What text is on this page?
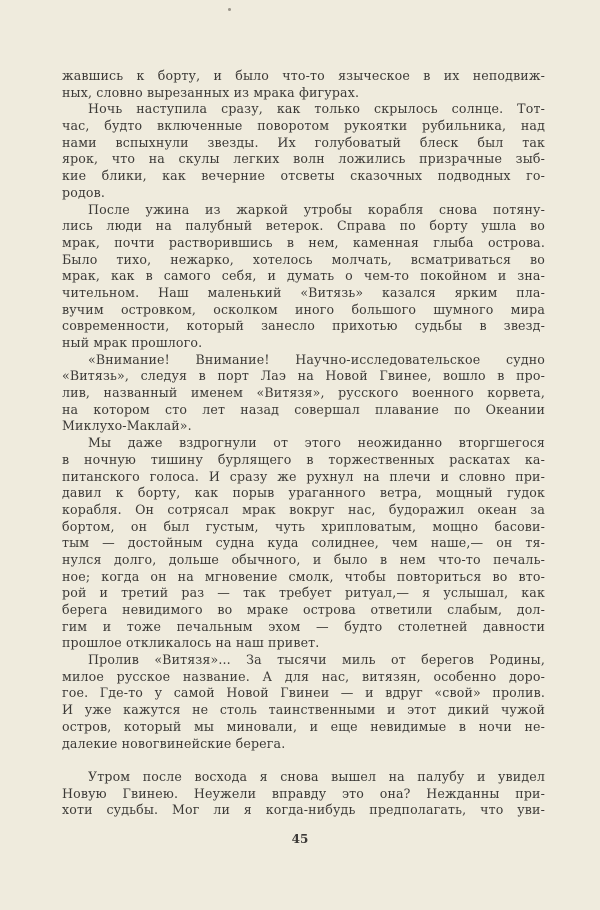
жавшись к борту, и было что-то языческое в их неподвиж-
ных, словно вырезанных из мрака фигурах.
Ночь наступила сразу, как только скрылось солнце. Тот-
час, будто включенные поворотом рукоятки рубильника, над
нами вспыхнули звезды. Их голубоватый блеск был так
ярок, что на скулы легких волн ложились призрачные зыб-
кие блики, как вечерние отсветы сказочных подводных го-
родов.
После ужина из жаркой утробы корабля снова потяну-
лись люди на палубный ветерок. Справа по борту ушла во
мрак, почти растворившись в нем, каменная глыба острова.
Было тихо, нежарко, хотелось молчать, всматриваться во
мрак, как в самого себя, и думать о чем-то покойном и зна-
чительном. Наш маленький «Витязь» казался ярким пла-
вучим островком, осколком иного большого шумного мира
современности, который занесло прихотью судьбы в звезд-
ный мрак прошлого.
«Внимание! Внимание! Научно-исследовательское судно
«Витязь», следуя в порт Лаэ на Новой Гвинее, вошло в про-
лив, названный именем «Витязя», русского военного корвета,
на котором сто лет назад совершал плавание по Океании
Миклухо-Маклай».
Мы даже вздрогнули от этого неожиданно вторгшегося
в ночную тишину бурлящего в торжественных раскатах ка-
питанского голоса. И сразу же рухнул на плечи и словно при-
давил к борту, как порыв ураганного ветра, мощный гудок
корабля. Он сотрясал мрак вокруг нас, будоражил океан за
бортом, он был густым, чуть хрипловатым, мощно басови-
тым — достойным судна куда солиднее, чем наше,— он тя-
нулся долго, дольше обычного, и было в нем что-то печаль-
ное; когда он на мгновение смолк, чтобы повториться во вто-
рой и третий раз — так требует ритуал,— я услышал, как
берега невидимого во мраке острова ответили слабым, дол-
гим и тоже печальным эхом — будто столетней давности
прошлое откликалось на наш привет.
Пролив «Витязя»... За тысячи миль от берегов Родины,
милое русское название. А для нас, витязян, особенно доро-
гое. Где-то у самой Новой Гвинеи — и вдруг «свой» пролив.
И уже кажутся не столь таинственными и этот дикий чужой
остров, который мы миновали, и еще невидимые в ночи не-
далекие новогвинейские берега.
Утром после восхода я снова вышел на палубу и увидел
Новую Гвинею. Неужели вправду это она? Нежданны при-
хоти судьбы. Мог ли я когда-нибудь предполагать, что уви-
45
